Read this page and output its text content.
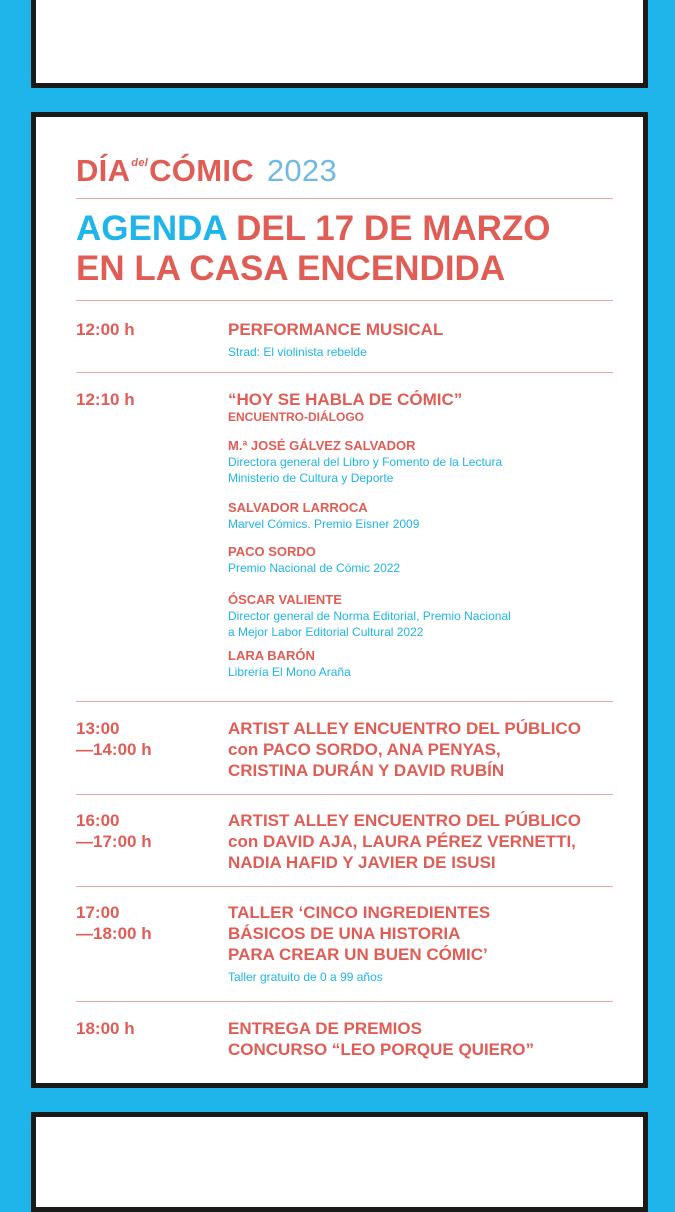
$DÍA^{del}CÓMIC$ 2023
AGENDA DEL 17 DE MARZO
EN LA CASA ENCENDIDA
12:00 h	PERFORMANCE MUSICAL
Strad: El violinista rebelde
12:10 h	“HOY SE HABLA DE CÓMIC”
ENCUENTRO-DIÁLOGO
M.ª JOSÉ GÁLVEZ SALVADOR
Directora general del Libro y Fomento de la Lectura
Ministerio de Cultura y Deporte
SALVADOR LARROCA
Marvel Cómics. Premio Eisner 2009
PACO SORDO
Premio Nacional de Cómic 2022
ÓSCAR VALIENTE
Director general de Norma Editorial, Premio Nacional
a Mejor Labor Editorial Cultural 2022
LARA BARÓN
Librería El Mono Araña
13:00
—14:00 h
ARTIST ALLEY ENCUENTRO DEL PÚBLICO
con PACO SORDO, ANA PENYAS,
CRISTINA DURÁN Y DAVID RUBÍN
16:00
—17:00 h
ARTIST ALLEY ENCUENTRO DEL PÚBLICO
con DAVID AJA, LAURA PÉREZ VERNETTI,
NADIA HAFID Y JAVIER DE ISUSI
17:00
—18:00 h
TALLER ‘CINCO INGREDIENTES
BÁSICOS DE UNA HISTORIA
PARA CREAR UN BUEN CÓMIC’
Taller gratuito de 0 a 99 años
18:00 h	ENTREGA DE PREMIOS
CONCURSO “LEO PORQUE QUIERO”
